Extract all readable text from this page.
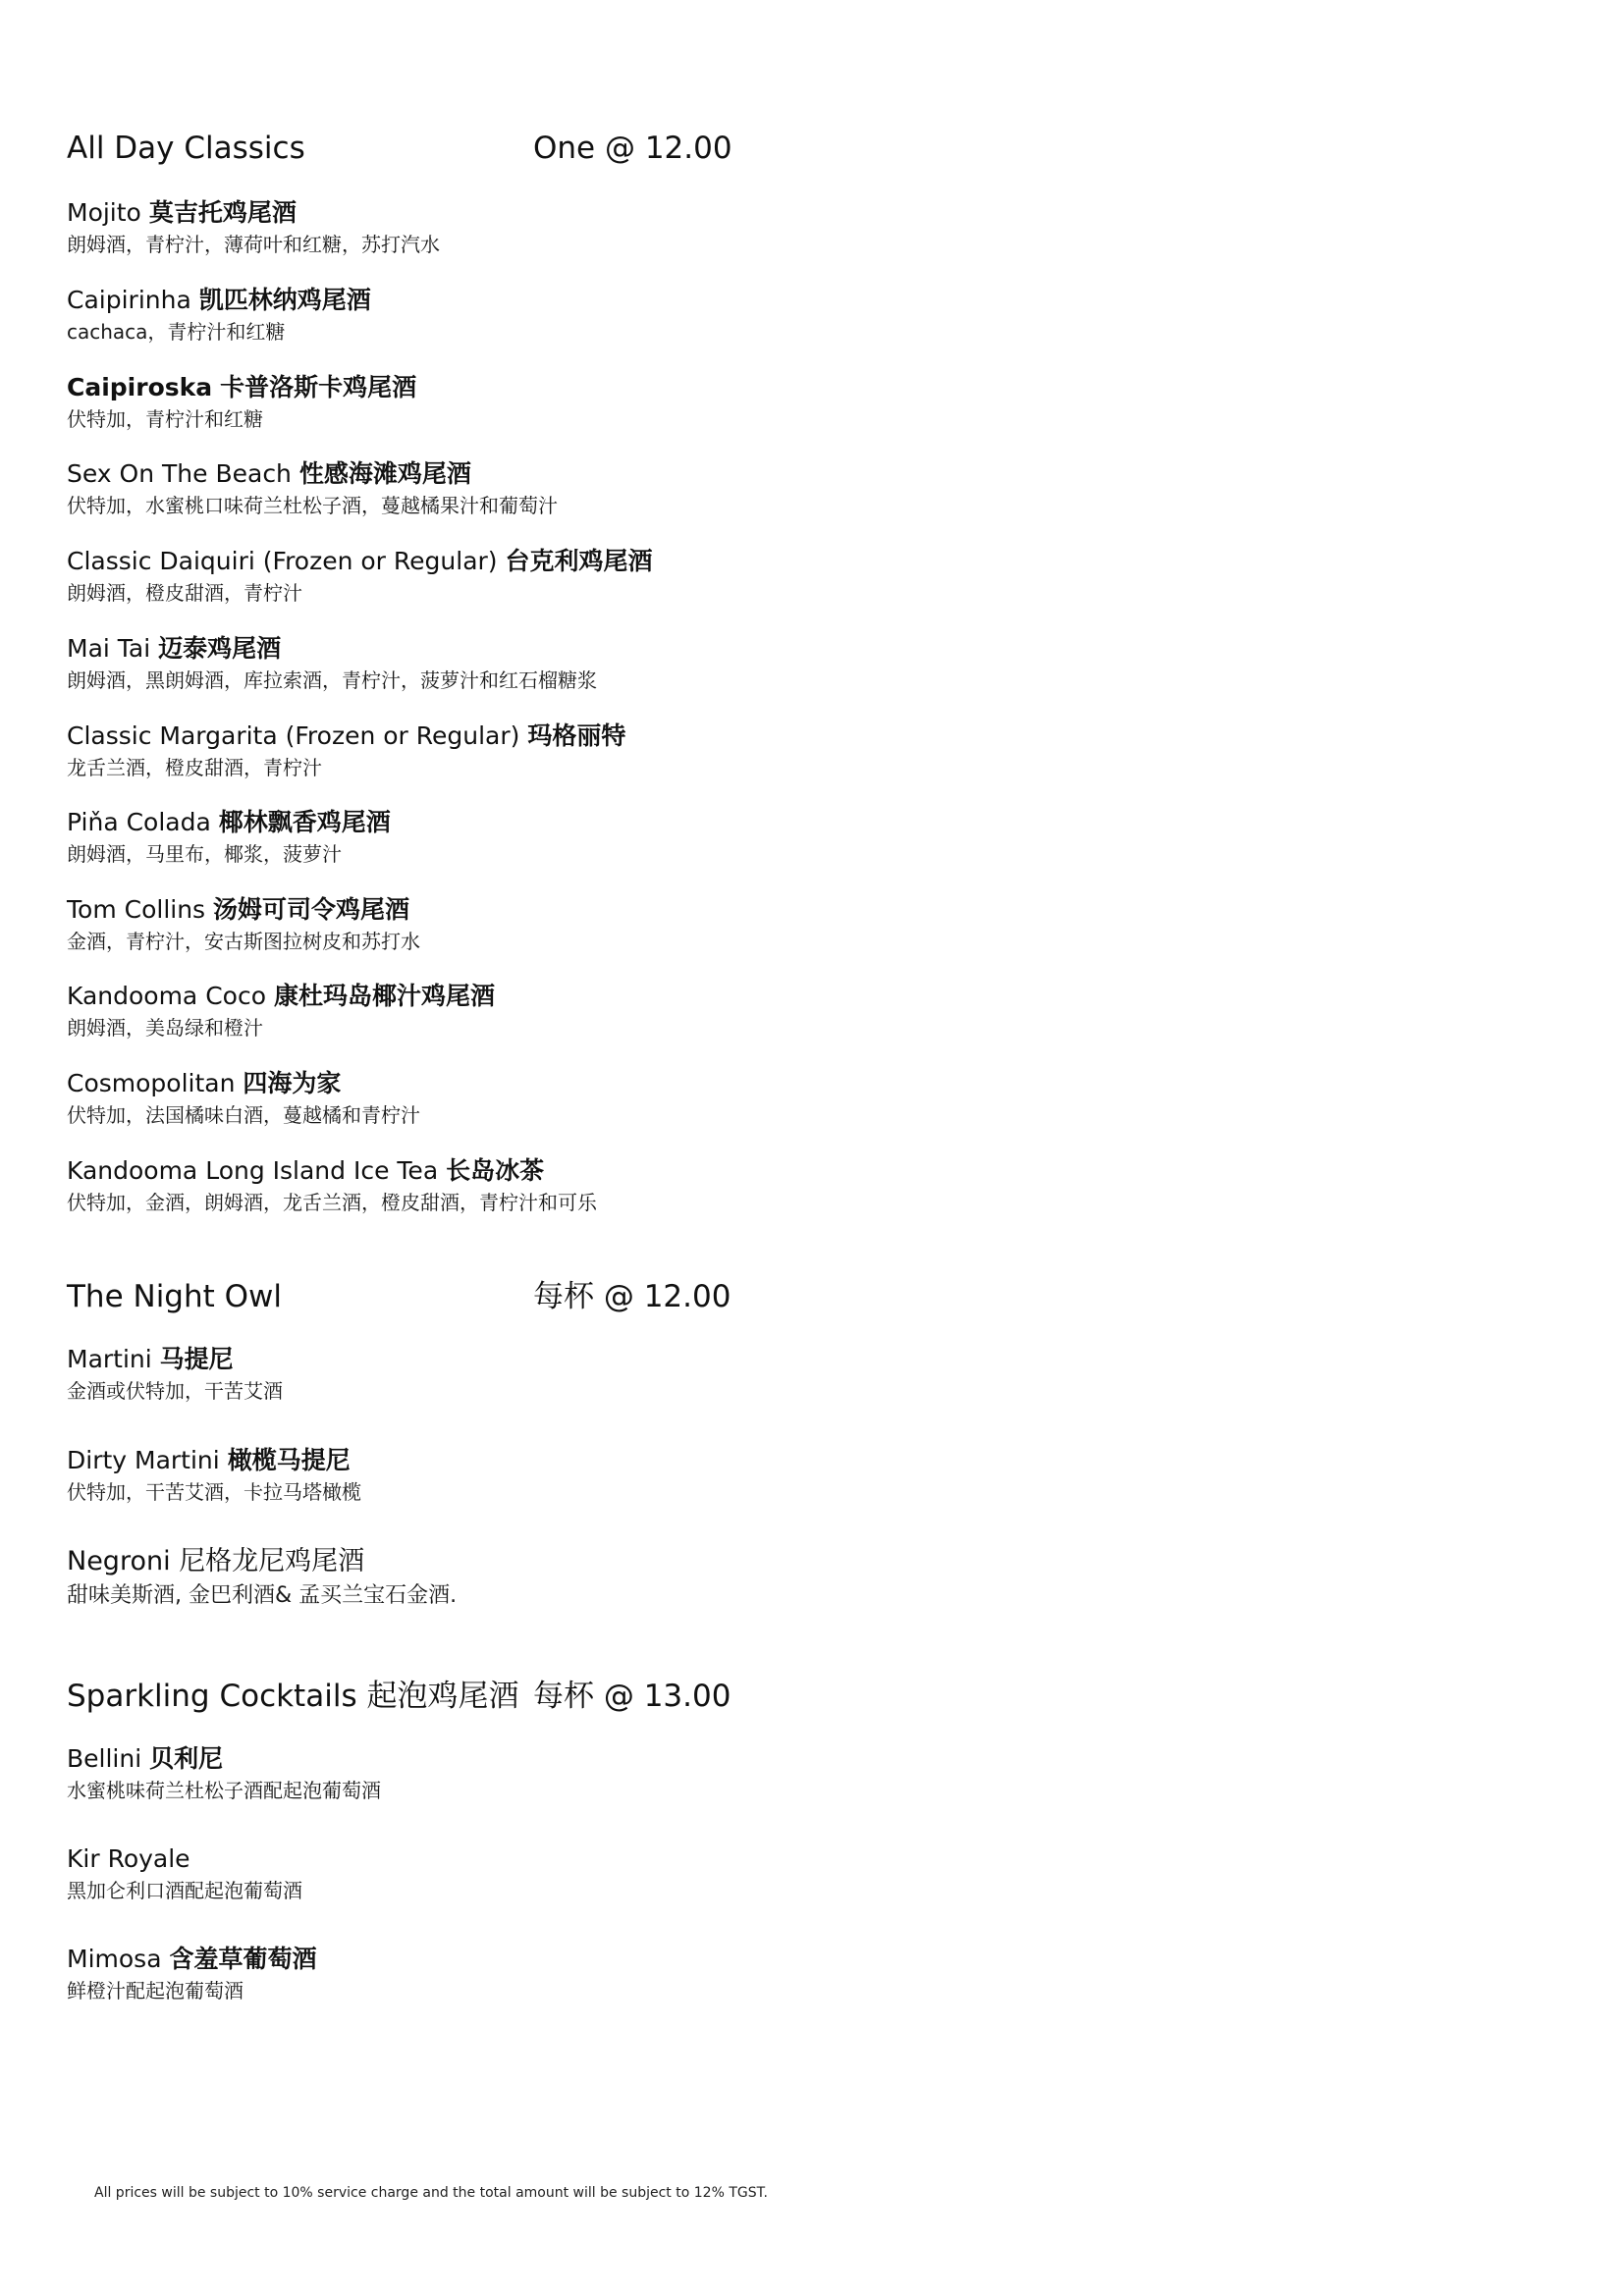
All Day Classics	One @ 12.00
Mojito 莫吉托鸡尾酒
朗姆酒，青柠汁，薄荷叶和红糖，苏打汽水
Caipirinha 凯匹林纳鸡尾酒
cachaca，青柠汁和红糖
Caipiroska 卡普洛斯卡鸡尾酒
伏特加，青柠汁和红糖
Sex On The Beach 性感海滩鸡尾酒
伏特加，水蜜桃口味荷兰杜松子酒，蔓越橘果汁和葡萄汁
Classic Daiquiri (Frozen or Regular) 台克利鸡尾酒
朗姆酒，橙皮甜酒，青柠汁
Mai Tai 迈泰鸡尾酒
朗姆酒，黑朗姆酒，库拉索酒，青柠汁，菠萝汁和红石榴糖浆
Classic Margarita (Frozen or Regular) 玛格丽特
龙舌兰酒，橙皮甜酒，青柠汁
Piňa Colada 椰林飘香鸡尾酒
朗姆酒，马里布，椰浆，菠萝汁
Tom Collins 汤姆可司令鸡尾酒
金酒，青柠汁，安古斯图拉树皮和苏打水
Kandooma Coco 康杜玛岛椰汁鸡尾酒
朗姆酒，美岛绿和橙汁
Cosmopolitan 四海为家
伏特加，法国橘味白酒，蔓越橘和青柠汁
Kandooma Long Island Ice Tea 长岛冰茶
伏特加，金酒，朗姆酒，龙舌兰酒，橙皮甜酒，青柠汁和可乐
The Night Owl	每杯 @ 12.00
Martini 马提尼
金酒或伏特加，干苦艾酒
Dirty Martini 橄榄马提尼
伏特加，干苦艾酒，卡拉马塔橄榄
Negroni 尼格龙尼鸡尾酒
甜味美斯酒, 金巴利酒& 孟买兰宝石金酒.
Sparkling Cocktails 起泡鸡尾酒 每杯 @ 13.00
Bellini 贝利尼
水蜜桃味荷兰杜松子酒配起泡葡萄酒
Kir Royale
黑加仑利口酒配起泡葡萄酒
Mimosa 含羞草葡萄酒
鲜橙汁配起泡葡萄酒
All prices will be subject to 10% service charge and the total amount will be subject to 12% TGST.
